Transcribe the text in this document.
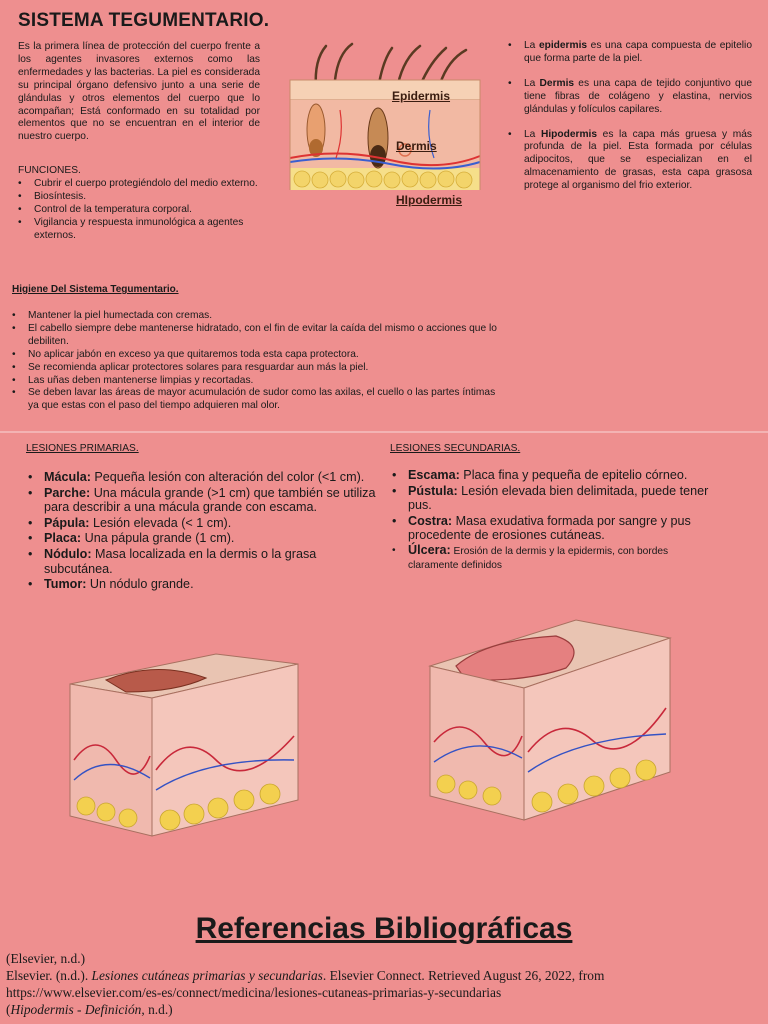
SISTEMA TEGUMENTARIO.
Es la primera línea de protección del cuerpo frente a los agentes invasores externos como las enfermedades y las bacterias. La piel es considerada su principal órgano defensivo junto a una serie de glándulas y otros elementos del cuerpo que lo acompañan; Está conformado en su totalidad por elementos que no se encuentran en el interior de nuestro cuerpo.
FUNCIONES.
• Cubrir el cuerpo protegiéndolo del medio externo.
• Biosíntesis.
• Control de la temperatura corporal.
• Vigilancia y respuesta inmunológica a agentes externos.
Epidermis
Dermis
HIpodermis
• La epidermis es una capa compuesta de epitelio que forma parte de la piel.
• La Dermis es una capa de tejido conjuntivo que tiene fibras de colágeno y elastina, nervios glándulas y folículos capilares.
• La Hipodermis es la capa más gruesa y más profunda de la piel. Esta formada por células adipocitos, que se especializan en el almacenamiento de grasas, esta capa grasosa protege al organismo del frio exterior.
Higiene Del Sistema Tegumentario.
• Mantener la piel humectada con cremas.
• El cabello siempre debe mantenerse hidratado, con el fin de evitar la caída del mismo o acciones que lo debiliten.
• No aplicar jabón en exceso ya que quitaremos toda esta capa protectora.
• Se recomienda aplicar protectores solares para resguardar aun más la piel.
• Las uñas deben mantenerse limpias y recortadas.
• Se deben lavar las áreas de mayor acumulación de sudor como las axilas, el cuello o las partes íntimas ya que estas con el paso del tiempo adquieren mal olor.
LESIONES PRIMARIAS.
• Mácula: Pequeña lesión con alteración del color (<1 cm).
• Parche: Una mácula grande (>1 cm) que también se utiliza para describir a una mácula grande con escama.
• Pápula: Lesión elevada (< 1 cm).
• Placa: Una pápula grande (1 cm).
• Nódulo: Masa localizada en la dermis o la grasa subcutánea.
• Tumor: Un nódulo grande.
LESIONES SECUNDARIAS.
• Escama: Placa fina y pequeña de epitelio córneo.
• Pústula: Lesión elevada bien delimitada, puede tener pus.
• Costra: Masa exudativa formada por sangre y pus procedente de erosiones cutáneas.
• Úlcera: Erosión de la dermis y la epidermis, con bordes claramente definidos
Referencias Bibliográficas
(Elsevier, n.d.)
Elsevier. (n.d.). Lesiones cutáneas primarias y secundarias. Elsevier Connect. Retrieved August 26, 2022, from
https://www.elsevier.com/es-es/connect/medicina/lesiones-cutaneas-primarias-y-secundarias
(Hipodermis - Definición, n.d.)
